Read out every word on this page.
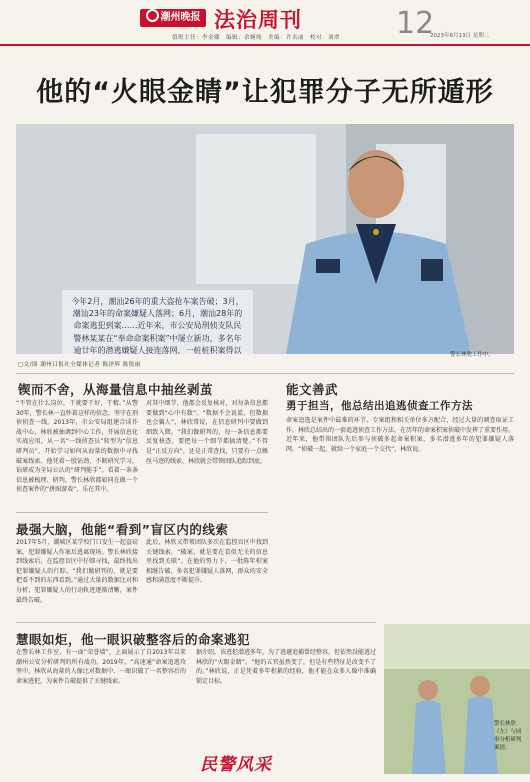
潮州晚报 法治周刊
值班主任：李金娜　编辑：余婉纯　美编：许名丽　校对：刘翠 12
2023年6月13日 星期二
他的“火眼金睛”让犯罪分子无所遁形
今年2月，潮汕26年的重大盗抢车案告破；3月，潮汕23年的命案嫌疑人落网；6月，潮汕28年的命案逃犯到案……近年来，市公安局刑侦支队民警林某某在“奉命命案积案”中屡立新功，多名年逾廿年的潜逃嫌疑人接连落网，一桩桩积案得以
警长林欣工作中。
□文/图 潮州日报社全媒体记者 陈泽辉 陈锐丽
锲而不舍，从海量信息中抽丝剥茧
“不管在什么岗位，干就要干好，干精。”从警30年，警长林一直怀着这样的信念，坚守在刑侦侦查一线。2013年，市公安局组建合成作战中心，林欣被抽调到中心工作，开展信息化实战应用，从一名“一线侦查员”转型为“信息研判员”，开始学习如何从海量的数据中寻找破案线索。他凭着一股钻劲，不断研究学习，钻研成为全局公认的“研判能手”。看着一条条信息被梳理、研判，警长林欣都如同在做一个侦查案件的“拼图游戏”，乐在其中。
对其中细节，他都会反复核对，对每条信息都要做到“心中有数”。“数据不会说谎，但数据也会骗人”，林欣常说，在信息研判中要做到细致入微。“我们做研判的，每一条信息都要反复核查，要把每一个细节都搞清楚。”不管是“正反方向”，还是正常查找，只要有一点蛛丝马迹的线索，林欣就会带领团队追踪到底。
能文善武
勇于担当，他总结出追逃侦查工作方法
命案追逃是案件中最难的环节，专案组和相关单位多方配合，经过大量的调查取证工作。林欣总结出的一套追逃侦查工作方法，在历年的命案积案侦破中发挥了重要作用。近年来，他带领团队先后参与侦破多起命案积案，多名潜逃多年的犯罪嫌疑人落网。“侦破一起，就给一个家庭一个交代”，林欣说。
最强大脑，他能“看到”盲区内的线索
2017年5月，潮城区某学校门口发生一起盗窃案，犯罪嫌疑人作案后逃离现场。警长林欣接到线索后，在监控盲区中仔细寻找，最终找出犯罪嫌疑人的行踪。“我们做研判的，就是要把看不到的东西看到。”通过大量的数据比对和分析，犯罪嫌疑人的行动轨迹逐渐清晰，案件最终告破。
此后，林欣又带领团队多次在监控盲区中找到关键线索，“破案，就是要在看似无关的信息里找到关联”。在他的努力下，一批陈年积案相继告破，多名犯罪嫌疑人落网，群众的安全感和满意度不断提升。
慧眼如炬，他一眼识破整容后的命案逃犯
在警长林工作室，有一面“荣誉墙”，上面展示了自2013年以来潮州公安分析研判的所有战功。2019年，“高速通”命案追逃攻坚中，林欣从海量的人像比对数据中，一眼识破了一名整容后的命案逃犯，为案件告破提供了关键线索。
据介绍，该逃犯潜逃多年，为了逃避追捕曾经整容，但依然没能逃过林欣的“火眼金睛”。“他的五官虽然变了，但是有些特征是改变不了的。”林欣说，正是凭着多年积累的经验，他才能在众多人像中准确锁定目标。
警长林欣（左）与同事分析研判案情。
民警风采
